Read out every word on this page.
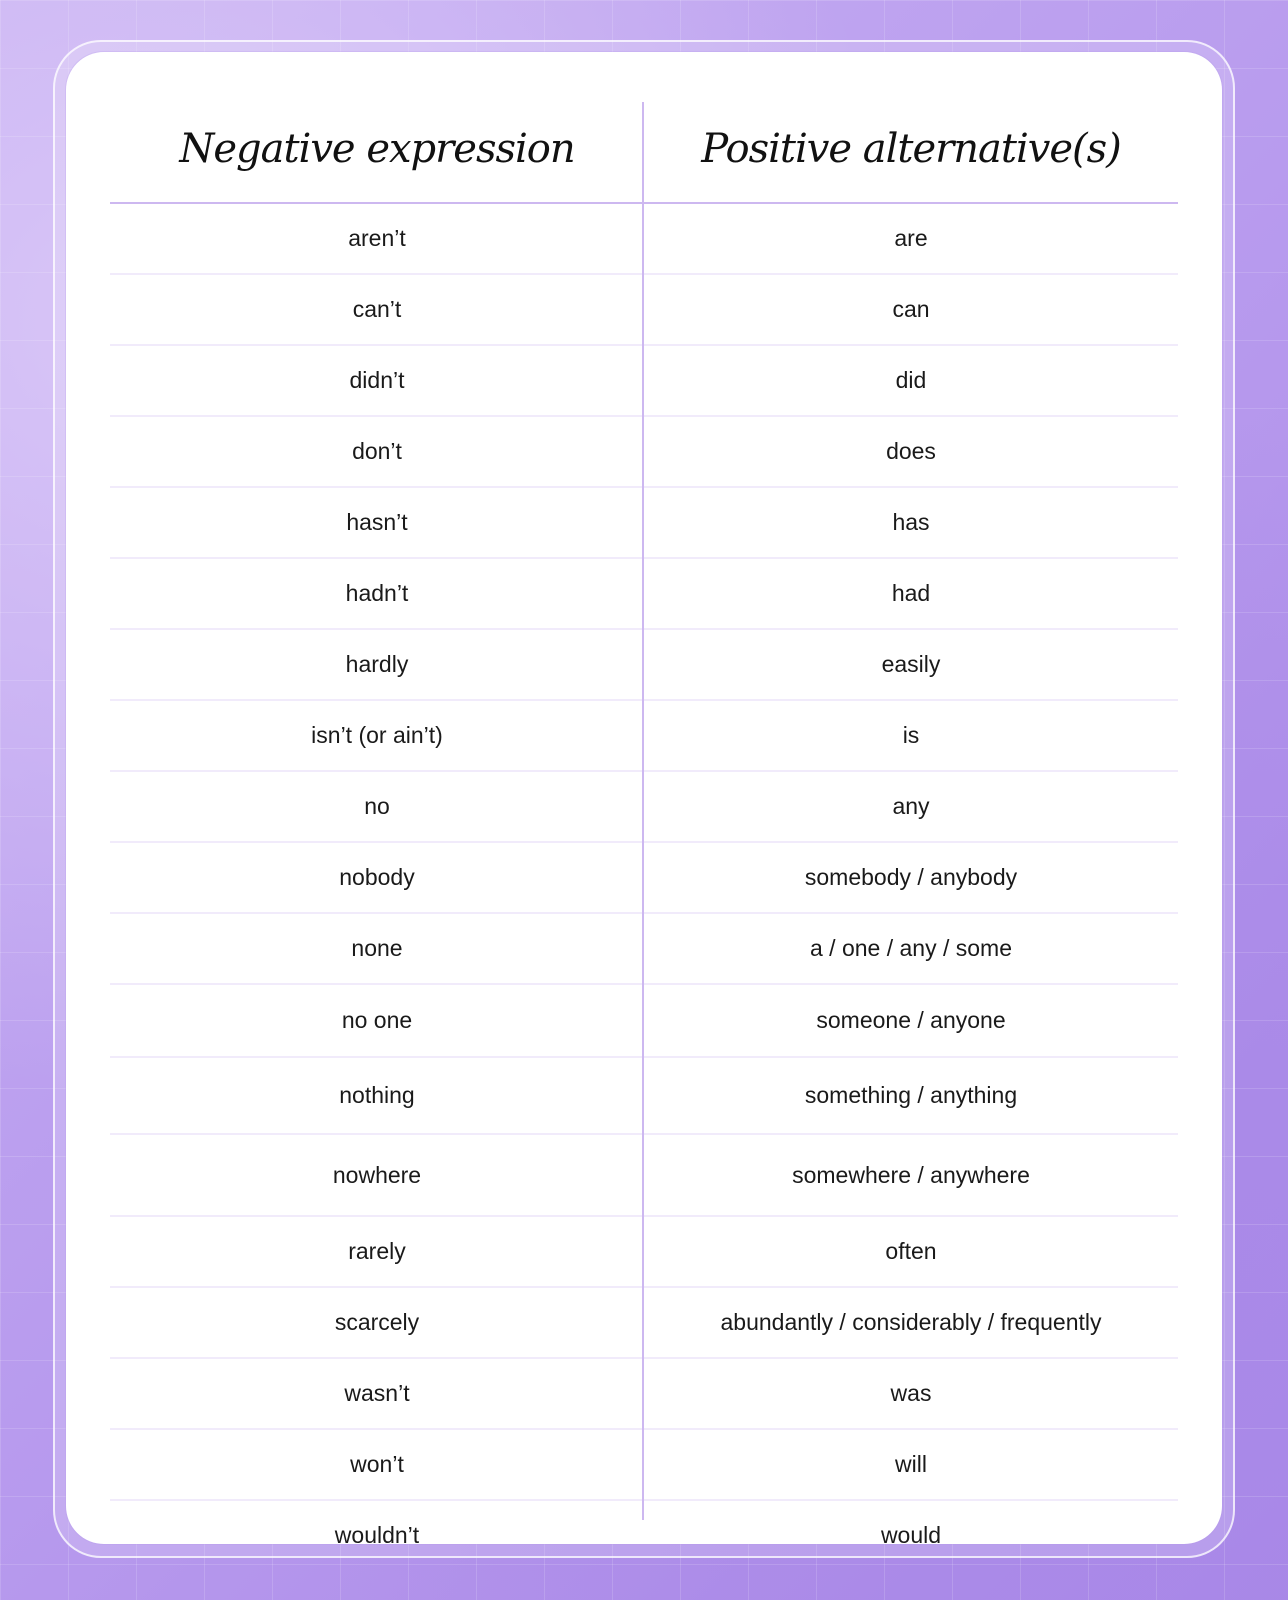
Negative expression	Positive alternative(s)
aren’t	are
can’t	can
didn’t	did
don’t	does
hasn’t	has
hadn’t	had
hardly	easily
isn’t (or ain’t)	is
no	any
nobody	somebody / anybody
none	a / one / any / some
no one	someone / anyone
nothing	something / anything
nowhere	somewhere / anywhere
rarely	often
scarcely	abundantly / considerably / frequently
wasn’t	was
won’t	will
wouldn’t	would
